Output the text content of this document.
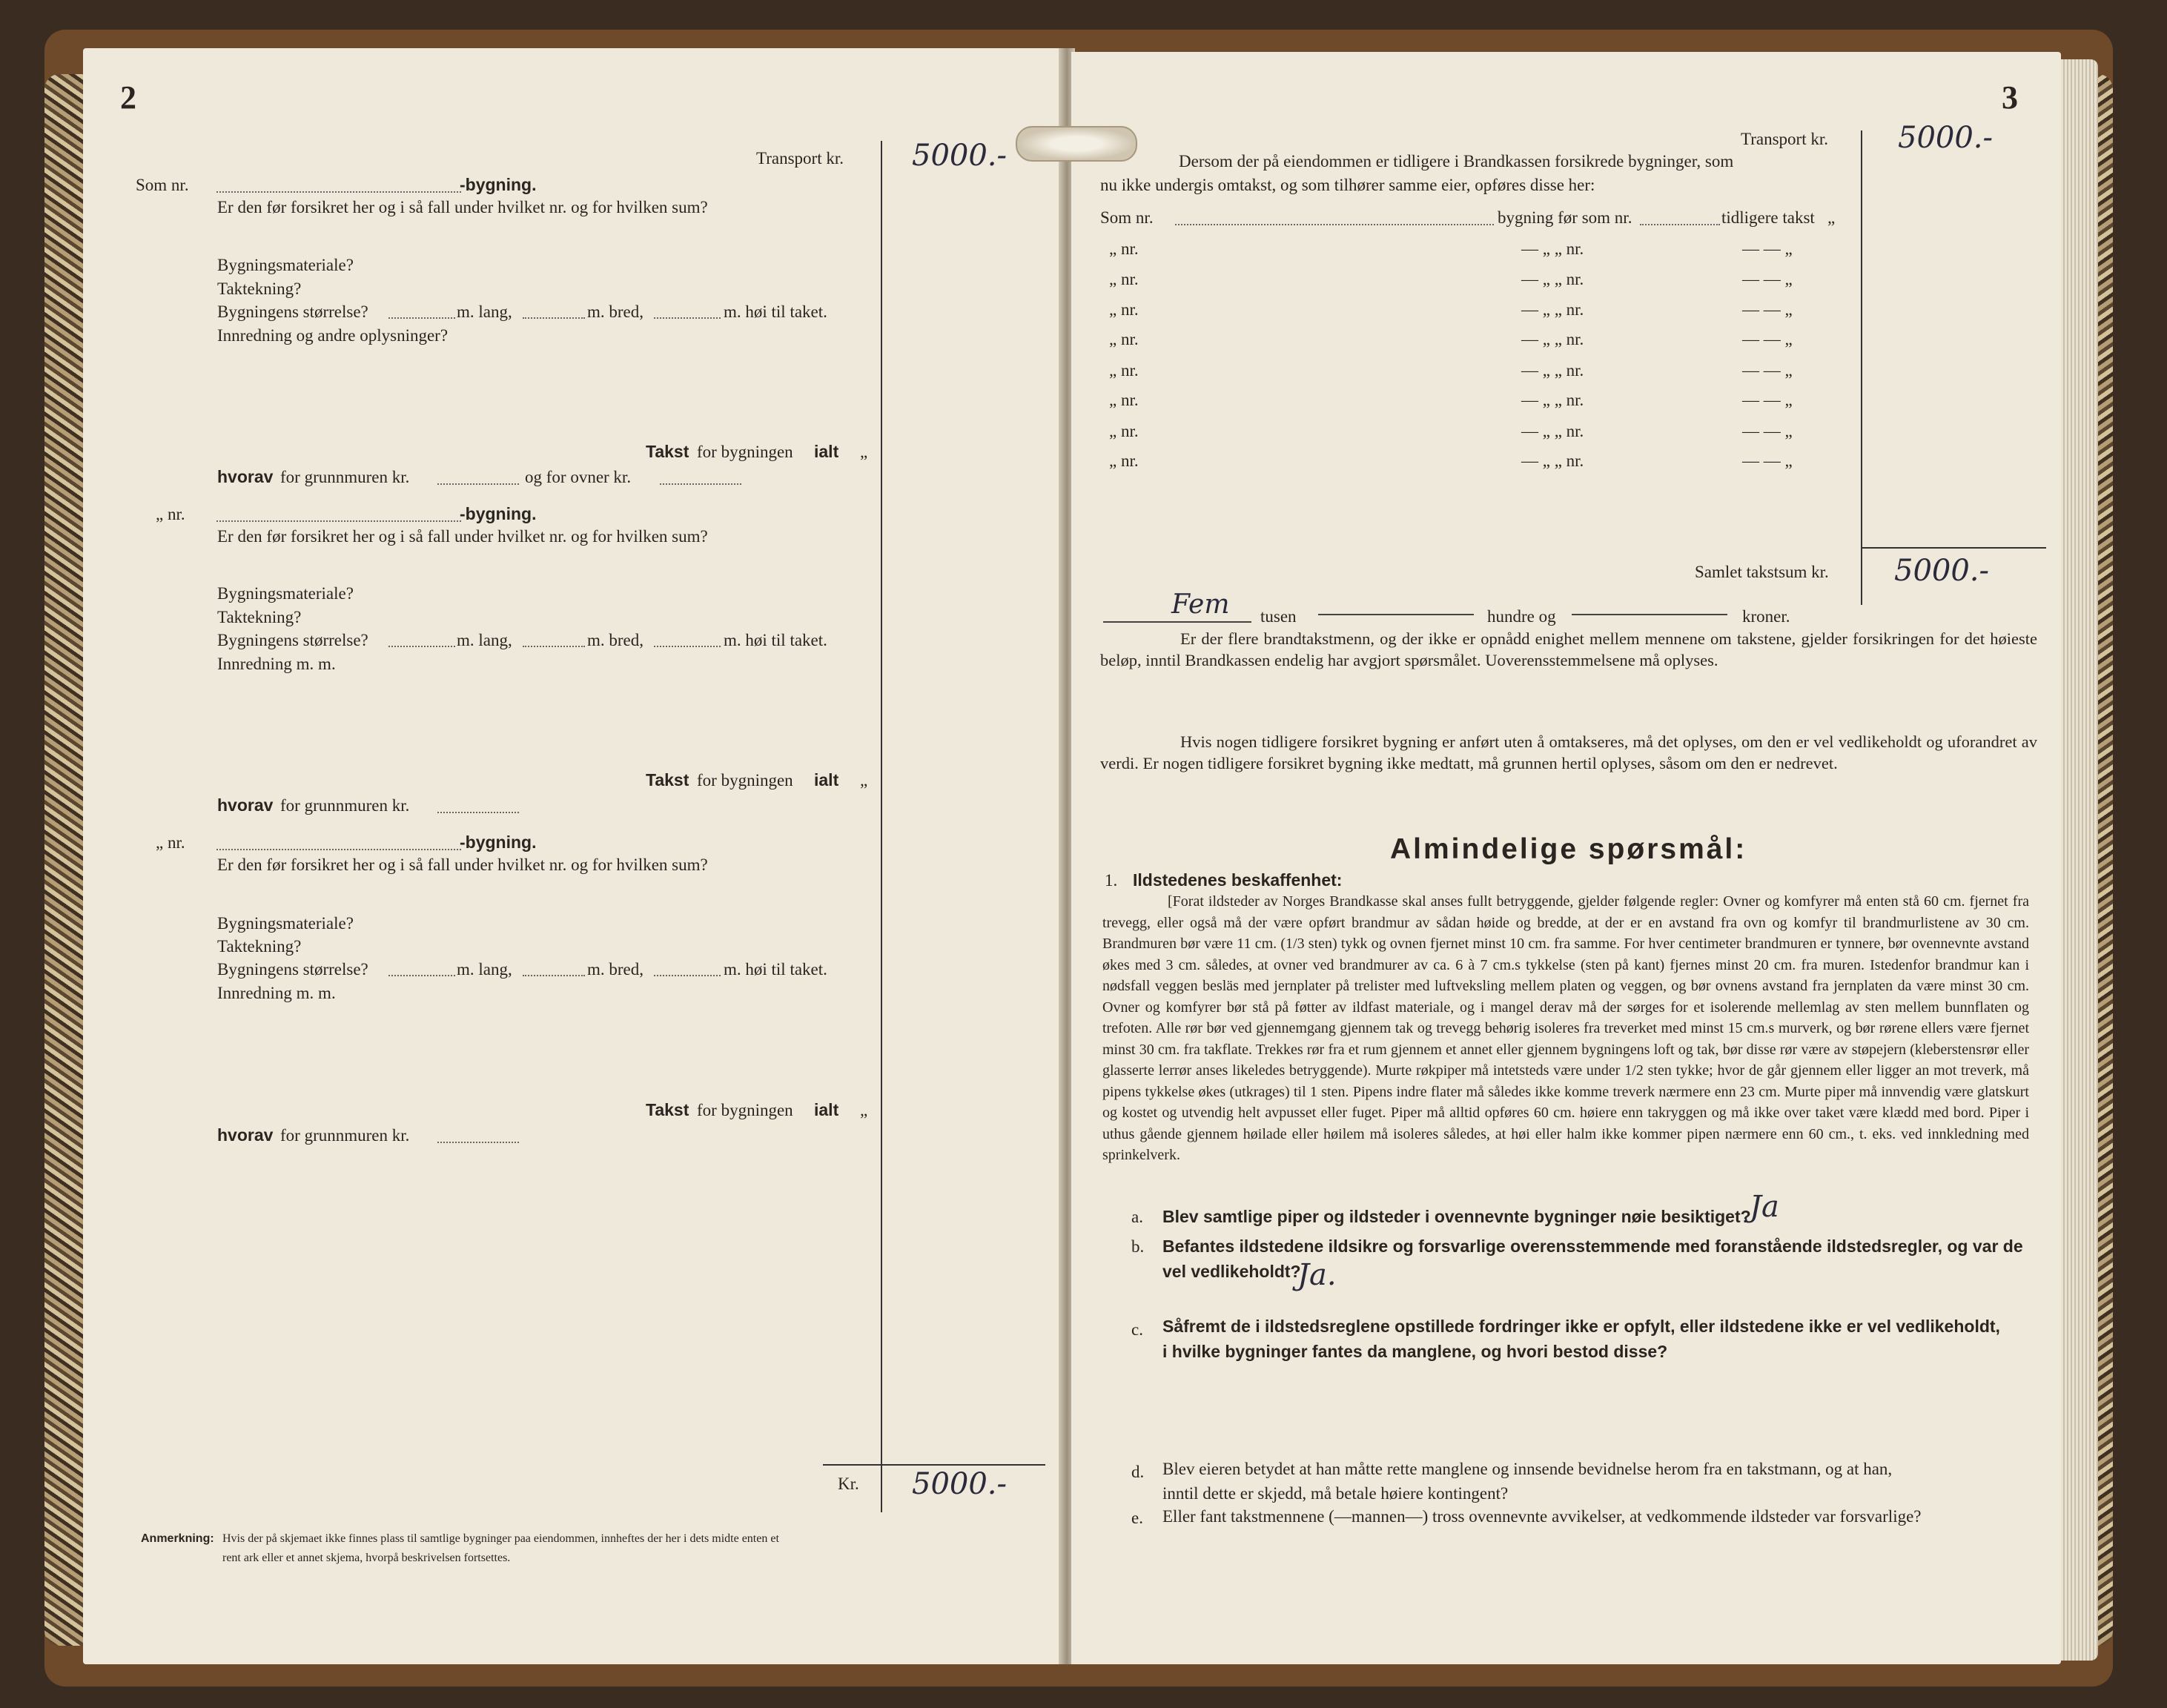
2
Transport kr. 5000.-
Som nr.	-bygning.
Er den før forsikret her og i så fall under hvilket nr. og for hvilken sum?
Bygningsmateriale?
Taktekning?
Bygningens størrelse?	m. lang,	m. bred,	m. høi til taket.
Innredning og andre oplysninger?
Takst for bygningen ialt „
hvorav for grunnmuren kr.	og for ovner kr.
„ nr.	-bygning.
Er den før forsikret her og i så fall under hvilket nr. og for hvilken sum?
Bygningsmateriale?
Taktekning?
Bygningens størrelse?	m. lang,	m. bred,	m. høi til taket.
Innredning m. m.
Takst for bygningen ialt „
hvorav for grunnmuren kr.
„ nr.	-bygning.
Er den før forsikret her og i så fall under hvilket nr. og for hvilken sum?
Bygningsmateriale?
Taktekning?
Bygningens størrelse?	m. lang,	m. bred,	m. høi til taket.
Innredning m. m.
Takst for bygningen ialt „
hvorav for grunnmuren kr.
Kr. 5000.-
Anmerkning: Hvis der på skjemaet ikke finnes plass til samtlige bygninger paa eiendommen, innheftes der her i dets midte enten et
rent ark eller et annet skjema, hvorpå beskrivelsen fortsettes.
3
Transport kr. 5000.-
Dersom der på eiendommen er tidligere i Brandkassen forsikrede bygninger, som
nu ikke undergis omtakst, og som tilhører samme eier, opføres disse her:
Som nr.	bygning før som nr.	tidligere takst „
„ nr.	— „ „ nr.	— — „
„ nr.	— „ „ nr.	— — „
„ nr.	— „ „ nr.	— — „
„ nr.	— „ „ nr.	— — „
„ nr.	— „ „ nr.	— — „
„ nr.	— „ „ nr.	— — „
„ nr.	— „ „ nr.	— — „
„ nr.	— „ „ nr.	— — „
Samlet takstsum kr. 5000.-
Fem tusen	hundre og	kroner.
Er der flere brandtakstmenn, og der ikke er opnådd enighet mellem mennene om takstene, gjelder forsikringen for det høieste beløp, inntil Brandkassen endelig har avgjort spørsmålet. Uoverensstemmelsene må oplyses.
Hvis nogen tidligere forsikret bygning er anført uten å omtakseres, må det oplyses, om den er vel vedlikeholdt og uforandret av verdi. Er nogen tidligere forsikret bygning ikke medtatt, må grunnen hertil oplyses, såsom om den er nedrevet.
Almindelige spørsmål:
1. Ildstedenes beskaffenhet:
[Forat ildsteder av Norges Brandkasse skal anses fullt betryggende, gjelder følgende regler: Ovner og komfyrer må enten stå 60 cm. fjernet fra trevegg, eller også må der være opført brandmur av sådan høide og bredde, at der er en avstand fra ovn og komfyr til brandmurlistene av 30 cm. Brandmuren bør være 11 cm. (1/3 sten) tykk og ovnen fjernet minst 10 cm. fra samme. For hver centimeter brandmuren er tynnere, bør ovennevnte avstand økes med 3 cm. således, at ovner ved brandmurer av ca. 6 à 7 cm.s tykkelse (sten på kant) fjernes minst 20 cm. fra muren. Istedenfor brandmur kan i nødsfall veggen besläs med jernplater på trelister med luftveksling mellem platen og veggen, og bør ovnens avstand fra jernplaten da være minst 30 cm. Ovner og komfyrer bør stå på føtter av ildfast materiale, og i mangel derav må der sørges for et isolerende mellemlag av sten mellem bunnflaten og trefoten. Alle rør bør ved gjennemgang gjennem tak og trevegg behørig isoleres fra treverket med minst 15 cm.s murverk, og bør rørene ellers være fjernet minst 30 cm. fra takflate. Trekkes rør fra et rum gjennem et annet eller gjennem bygningens loft og tak, bør disse rør være av støpejern (kleberstensrør eller glasserte lerrør anses likeledes betryggende). Murte røkpiper må intetsteds være under 1/2 sten tykke; hvor de går gjennem eller ligger an mot treverk, må pipens tykkelse økes (utkrages) til 1 sten. Pipens indre flater må således ikke komme treverk nærmere enn 23 cm. Murte piper må innvendig være glatskurt og kostet og utvendig helt avpusset eller fuget. Piper må alltid opføres 60 cm. høiere enn takryggen og må ikke over taket være klædd med bord. Piper i uthus gående gjennem høilade eller høilem må isoleres således, at høi eller halm ikke kommer pipen nærmere enn 60 cm., t. eks. ved innkledning med sprinkelverk.
a. Blev samtlige piper og ildsteder i ovennevnte bygninger nøie besiktiget?
Ja
b. Befantes ildstedene ildsikre og forsvarlige overensstemmende med foranstående ildstedsregler, og var de
vel vedlikeholdt?
Ja.
c. Såfremt de i ildstedsreglene opstillede fordringer ikke er opfylt, eller ildstedene ikke er vel vedlikeholdt,
i hvilke bygninger fantes da manglene, og hvori bestod disse?
d. Blev eieren betydet at han måtte rette manglene og innsende bevidnelse herom fra en takstmann, og at han,
inntil dette er skjedd, må betale høiere kontingent?
e. Eller fant takstmennene (—mannen—) tross ovennevnte avvikelser, at vedkommende ildsteder var forsvarlige?
